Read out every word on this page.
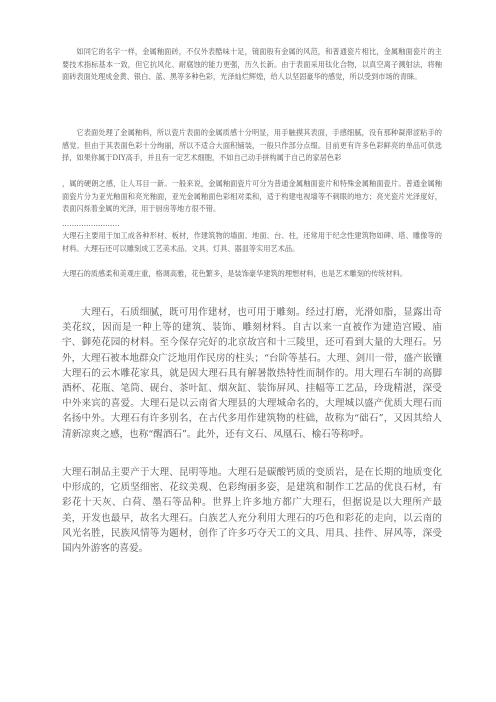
如同它的名字一样，金属釉面砖，不仅外表酷味十足，镜面般有金属的风范，和普通瓷片相比，金属釉面瓷片的主要技术指标基本一致，但它抗风化、耐腐蚀的能力更强，历久长新。由于表面采用钛化合物，以真空离子溅射法，将釉面砖表面处理成金黄、银白、蓝、黑等多种色彩，光泽灿烂辉煌，给人以坚固豪华的感觉，所以受到市场的青睐。

它表面处理了金属釉料，所以瓷片表面的金属质感十分明显，用手触摸其表面，手感细腻，没有那种凝滞涩粘手的感觉。但由于其表面色彩十分绚丽，所以不适合大面积铺装，一般只作部分点缀。目前更有许多色彩鲜亮的单品可供选择，如果你属于DIY高手，并且有一定艺术细胞，不如自己动手拼构属于自己的家居色彩

，属的硬朗之感，让人耳目一新。一般来说，金属釉面瓷片可分为普通金属釉面瓷片和特殊金属釉面瓷片。普通金属釉面瓷片分为亚光釉面和亮光釉面，亚光金属釉面色彩相对柔和，适于构建电视墙等不刺眼的地方；亮光瓷片光泽度好，表面闪烁着金属的光泽，用于厨房等地方很不错。

……………………

大理石主要用于加工成各种形材、板材，作建筑物的墙面、地面、台、柱，还常用于纪念性建筑物如碑、塔、雕像等的材料。大理石还可以雕刻成工艺美术品、文具、灯具、器皿等实用艺术品。

大理石的质感柔和美观庄重，格调高雅，花色繁多，是装饰豪华建筑的理想材料，也是艺术雕刻的传统材料。

大理石，石质细腻，既可用作建材，也可用于雕刻。经过打磨，光滑如脂，显露出奇美花纹，因而是一种上等的建筑、装饰、雕刻材料。自古以来一直被作为建造宫殿、庙宇、御苑花园的材料。至今保存完好的北京故宫和十三陵里，还可看到大量的大理石。另外，大理石被本地群众广泛地用作民房的柱头；“台阶等基石。大理、剑川一带，盛产嵌镶大理石的云木雕花家具，就是因大理石具有解暑散热特性而制作的。用大理石车制的高脚酒杯、花瓶、笔筒、砚台、茶叶缸、烟灰缸、装饰屏风、挂幅等工艺品，玲珑精湛，深受中外来宾的喜爱。大理石是以云南省大理县的大理城命名的，大理城以盛产优质大理石而名扬中外。大理石有许多别名，在古代多用作建筑物的柱础，故称为“础石”，又因其给人清新凉爽之感，也称“醒酒石”。此外，还有文石、凤凰石、榆石等称呼。

大理石制品主要产于大理、昆明等地。大理石是碳酸钙质的变质岩，是在长期的地质变化中形成的，它质坚细密、花纹美观、色彩绚丽多姿，是建筑和制作工艺品的优良石材，有彩花十天灰、白荷、墨石等品种。世界上许多地方都广大理石，但据说是以大理所产最美，开发也最早，故名大理石。白族艺人充分利用大理石的巧色和彩花的走向，以云南的风光名胜，民族风情等为题材，创作了许多巧夺天工的文具、用具、挂件、屏风等，深受国内外游客的喜爱。
